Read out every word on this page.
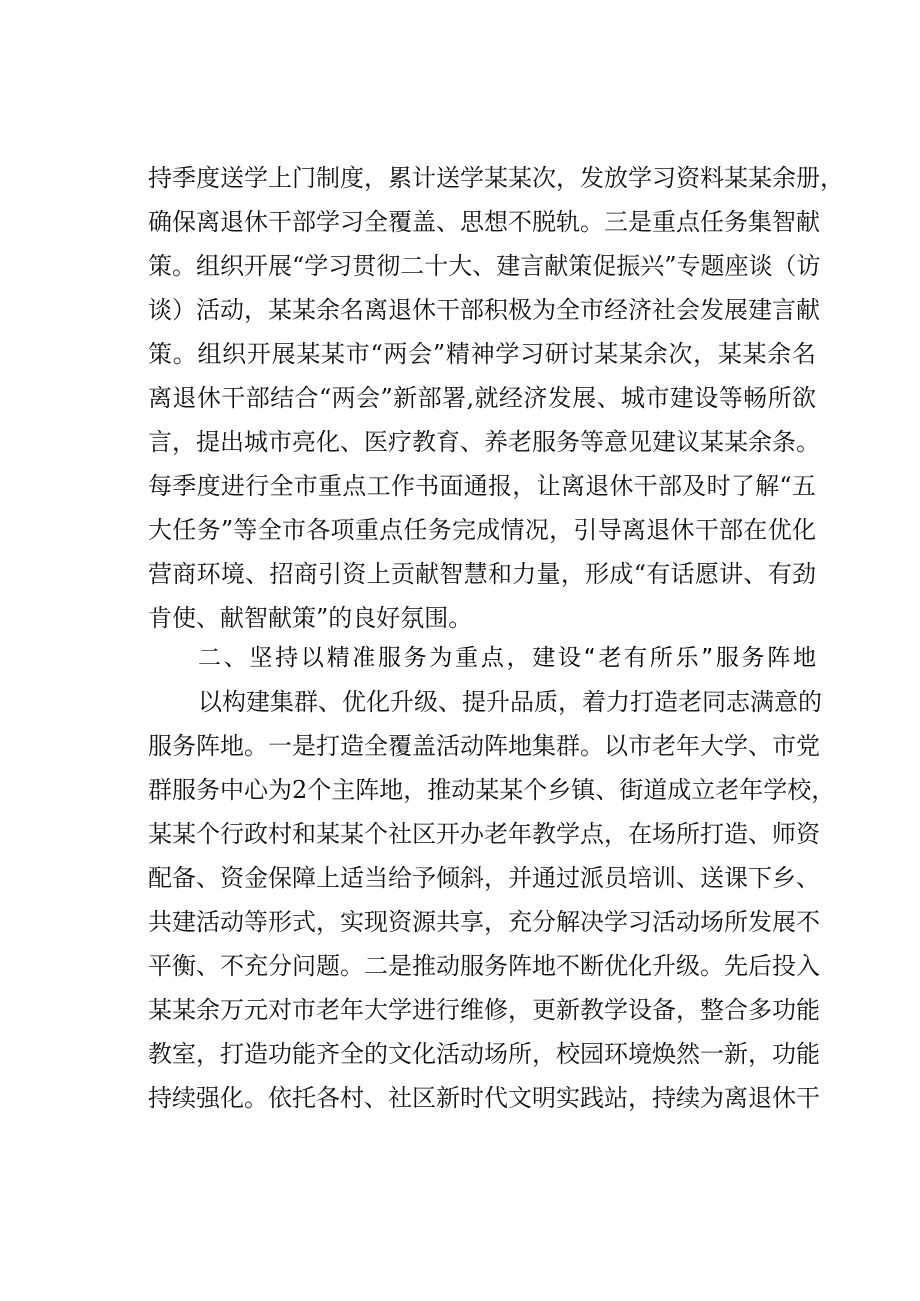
持季度送学上门制度，累计送学某某次，发放学习资料某某余册，
确保离退休干部学习全覆盖、思想不脱轨。三是重点任务集智献
策。组织开展“学习贯彻二十大、建言献策促振兴”专题座谈（访
谈）活动，某某余名离退休干部积极为全市经济社会发展建言献
策。组织开展某某市“两会”精神学习研讨某某余次，某某余名
离退休干部结合“两会”新部署,就经济发展、城市建设等畅所欲
言，提出城市亮化、医疗教育、养老服务等意见建议某某余条。
每季度进行全市重点工作书面通报，让离退休干部及时了解“五
大任务”等全市各项重点任务完成情况，引导离退休干部在优化
营商环境、招商引资上贡献智慧和力量，形成“有话愿讲、有劲
肯使、献智献策”的良好氛围。
二、坚持以精准服务为重点，建设“老有所乐”服务阵地
以构建集群、优化升级、提升品质，着力打造老同志满意的
服务阵地。一是打造全覆盖活动阵地集群。以市老年大学、市党
群服务中心为2个主阵地，推动某某个乡镇、街道成立老年学校，
某某个行政村和某某个社区开办老年教学点，在场所打造、师资
配备、资金保障上适当给予倾斜，并通过派员培训、送课下乡、
共建活动等形式，实现资源共享，充分解决学习活动场所发展不
平衡、不充分问题。二是推动服务阵地不断优化升级。先后投入
某某余万元对市老年大学进行维修，更新教学设备，整合多功能
教室，打造功能齐全的文化活动场所，校园环境焕然一新，功能
持续强化。依托各村、社区新时代文明实践站，持续为离退休干
